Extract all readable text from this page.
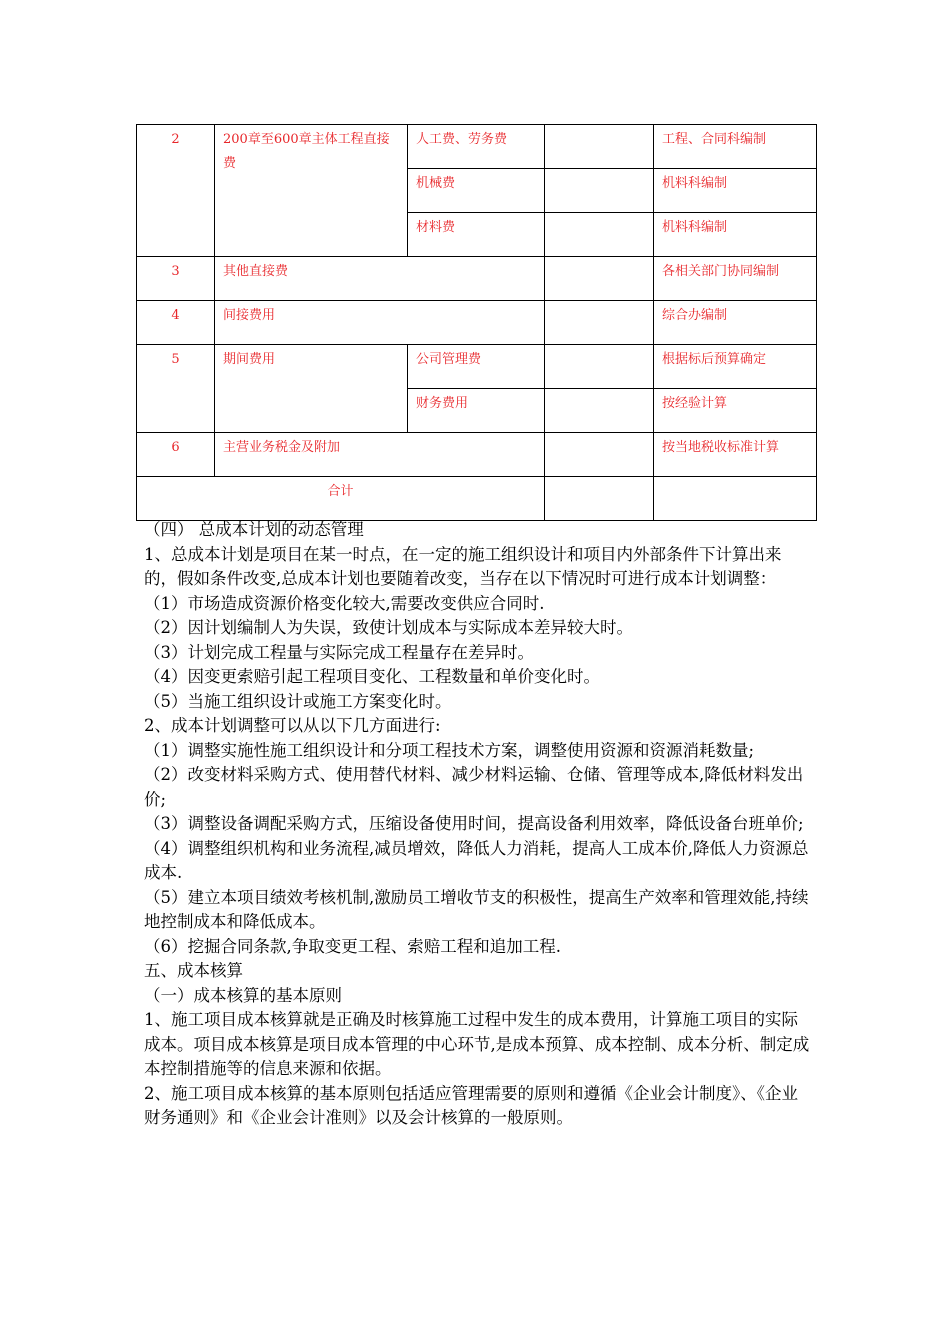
2	200章至600章主体工程直接费	人工费、劳务费		工程、合同科编制
		机械费		机料科编制
		材料费		机料科编制
3	其他直接费			各相关部门协同编制
4	间接费用			综合办编制
5	期间费用	公司管理费		根据标后预算确定
		财务费用		按经验计算
6	主营业务税金及附加			按当地税收标准计算
合计				

（四） 总成本计划的动态管理

1、总成本计划是项目在某一时点，在一定的施工组织设计和项目内外部条件下计算出来的，假如条件改变,总成本计划也要随着改变，当存在以下情况时可进行成本计划调整：

（1）市场造成资源价格变化较大,需要改变供应合同时.

（2）因计划编制人为失误，致使计划成本与实际成本差异较大时。

（3）计划完成工程量与实际完成工程量存在差异时。

（4）因变更索赔引起工程项目变化、工程数量和单价变化时。

（5）当施工组织设计或施工方案变化时。

2、成本计划调整可以从以下几方面进行:

（1）调整实施性施工组织设计和分项工程技术方案，调整使用资源和资源消耗数量;

（2）改变材料采购方式、使用替代材料、减少材料运输、仓储、管理等成本,降低材料发出价;

（3）调整设备调配采购方式，压缩设备使用时间，提高设备利用效率，降低设备台班单价;

（4）调整组织机构和业务流程,减员增效，降低人力消耗，提高人工成本价,降低人力资源总成本.

（5）建立本项目绩效考核机制,激励员工增收节支的积极性，提高生产效率和管理效能,持续地控制成本和降低成本。

（6）挖掘合同条款,争取变更工程、索赔工程和追加工程.

五、成本核算

（一）成本核算的基本原则

1、施工项目成本核算就是正确及时核算施工过程中发生的成本费用，计算施工项目的实际成本。项目成本核算是项目成本管理的中心环节,是成本预算、成本控制、成本分析、制定成本控制措施等的信息来源和依据。

2、施工项目成本核算的基本原则包括适应管理需要的原则和遵循《企业会计制度》、《企业财务通则》和《企业会计准则》以及会计核算的一般原则。
